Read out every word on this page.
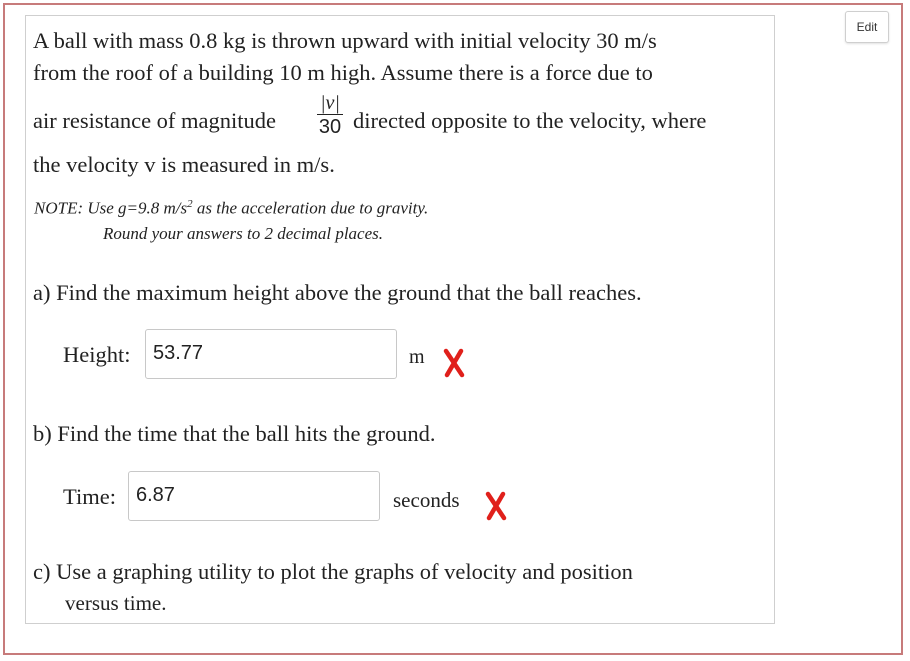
Edit
A ball with mass 0.8 kg is thrown upward with initial velocity 30 m/s
from the roof of a building 10 m high. Assume there is a force due to
air resistance of magnitude
|v|
30 directed opposite to the velocity, where
the velocity v is measured in m/s.
NOTE: Use g=9.8 $m/s^2$ as the acceleration due to gravity.
Round your answers to 2 decimal places.
a) Find the maximum height above the ground that the ball reaches.
Height:	53.77	m
b) Find the time that the ball hits the ground.
Time:	6.87	seconds
c) Use a graphing utility to plot the graphs of velocity and position
versus time.
